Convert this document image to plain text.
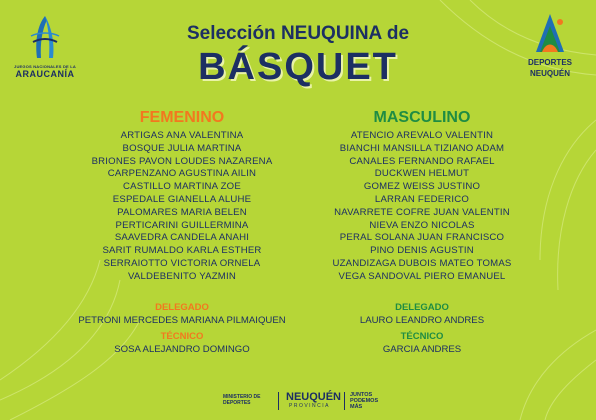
JUEGOS NACIONALES DE LA
ARAUCANÍA
DEPORTES
NEUQUÉN
Selección NEUQUINA de
BÁSQUET
FEMENINO
ARTIGAS ANA VALENTINA
BOSQUE JULIA MARTINA
BRIONES PAVON LOUDES NAZARENA
CARPENZANO AGUSTINA AILIN
CASTILLO MARTINA ZOE
ESPEDALE GIANELLA ALUHE
PALOMARES MARIA BELEN
PERTICARINI GUILLERMINA
SAAVEDRA CANDELA ANAHI
SARIT RUMALDO KARLA ESTHER
SERRAIOTTO VICTORIA ORNELA
VALDEBENITO YAZMIN
MASCULINO
ATENCIO AREVALO VALENTIN
BIANCHI MANSILLA TIZIANO ADAM
CANALES FERNANDO RAFAEL
DUCKWEN HELMUT
GOMEZ WEISS JUSTINO
LARRAN FEDERICO
NAVARRETE COFRE JUAN VALENTIN
NIEVA ENZO NICOLAS
PERAL SOLANA JUAN FRANCISCO
PINO DENIS AGUSTIN
UZANDIZAGA DUBOIS MATEO TOMAS
VEGA SANDOVAL PIERO EMANUEL
DELEGADO
PETRONI MERCEDES MARIANA PILMAIQUEN
TÉCNICO
SOSA ALEJANDRO DOMINGO
DELEGADO
LAURO LEANDRO ANDRES
TÉCNICO
GARCIA ANDRES
MINISTERIO DE
DEPORTES	NEUQUÉN
PROVINCIA
JUNTOS
PODEMOS
MÁS
